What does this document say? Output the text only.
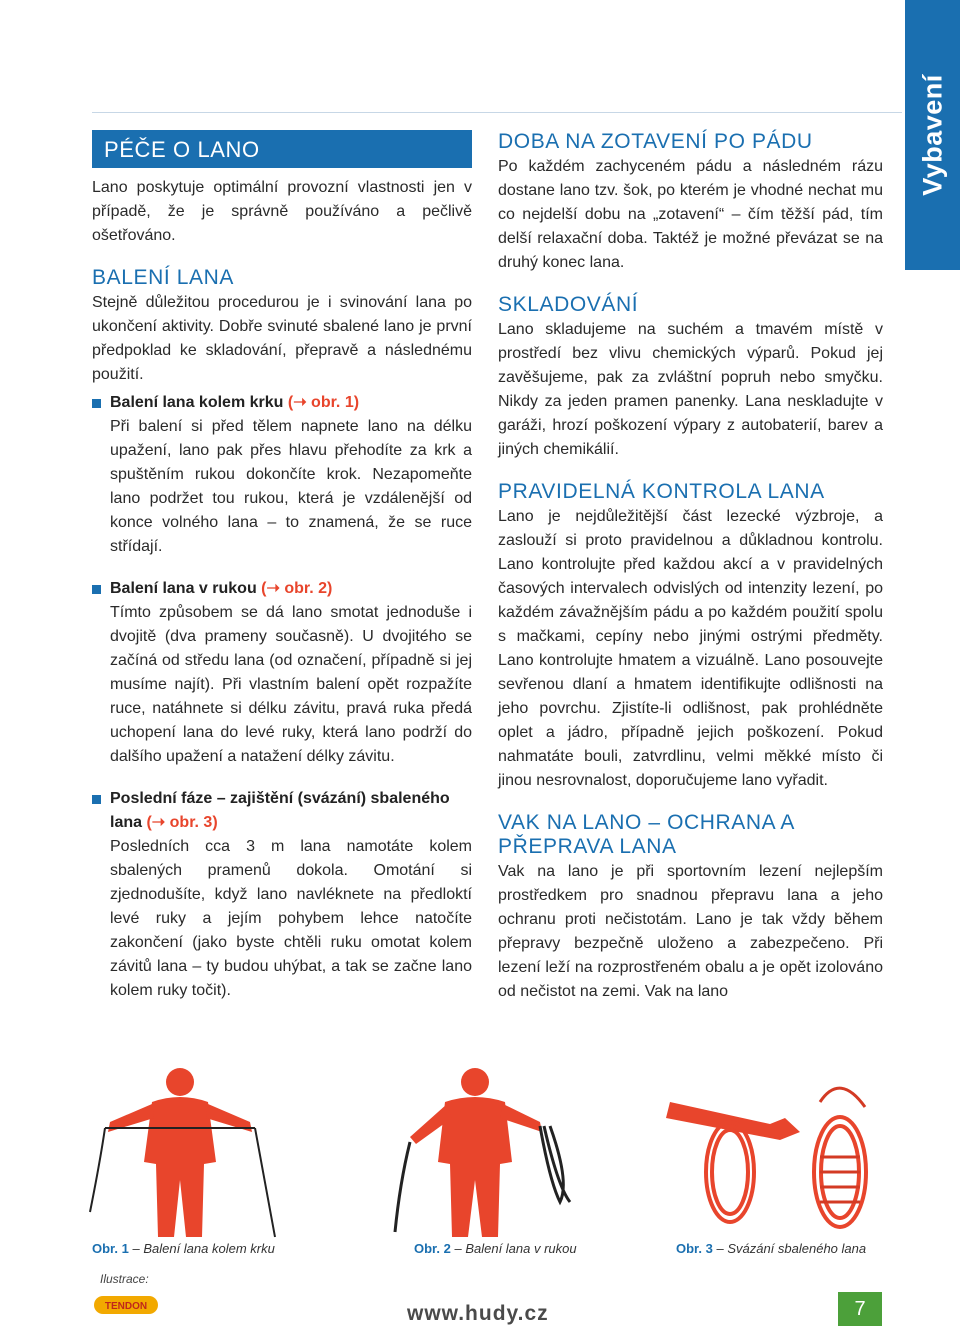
Vybavení
PÉČE O LANO

Lano poskytuje optimální provozní vlastnosti jen v případě, že je správně používáno a pečlivě ošetřováno.

BALENÍ LANA

Stejně důležitou procedurou je i svinování lana po ukončení aktivity. Dobře svinuté sbalené lano je první předpoklad ke skladování, přepravě a následnému použití.

Balení lana kolem krku (➝ obr. 1)

Při balení si před tělem napnete lano na délku upažení, lano pak přes hlavu přehodíte za krk a spuštěním rukou dokončíte krok. Nezapomeňte lano podržet tou rukou, která je vzdálenější od konce volného lana – to znamená, že se ruce střídají.

Balení lana v rukou (➝ obr. 2)

Tímto způsobem se dá lano smotat jednoduše i dvojitě (dva prameny současně). U dvojitého se začíná od středu lana (od označení, případně si jej musíme najít). Při vlastním balení opět rozpažíte ruce, natáhnete si délku závitu, pravá ruka předá uchopení lana do levé ruky, která lano podrží do dalšího upažení a natažení délky závitu.

Poslední fáze – zajištění (svázání) sbaleného lana (➝ obr. 3)

Posledních cca 3 m lana namotáte kolem sbalených pramenů dokola. Omotání si zjednodušíte, když lano navléknete na předloktí levé ruky a jejím pohybem lehce natočíte zakončení (jako byste chtěli ruku omotat kolem závitů lana – ty budou uhýbat, a tak se začne lano kolem ruky točit).

DOBA NA ZOTAVENÍ PO PÁDU

Po každém zachyceném pádu a následném rázu dostane lano tzv. šok, po kterém je vhodné nechat mu co nejdelší dobu na „zotavení“ – čím těžší pád, tím delší relaxační doba. Taktéž je možné převázat se na druhý konec lana.

SKLADOVÁNÍ

Lano skladujeme na suchém a tmavém místě v prostředí bez vlivu chemických výparů. Pokud jej zavěšujeme, pak za zvláštní popruh nebo smyčku. Nikdy za jeden pramen panenky. Lana neskladujte v garáži, hrozí poškození výpary z autobaterií, barev a jiných chemikálií.

PRAVIDELNÁ KONTROLA LANA

Lano je nejdůležitější část lezecké výzbroje, a zaslouží si proto pravidelnou a důkladnou kontrolu. Lano kontrolujte před každou akcí a v pravidelných časových intervalech odvislých od intenzity lezení, po každém závažnějším pádu a po každém použití spolu s mačkami, cepíny nebo jinými ostrými předměty. Lano kontrolujte hmatem a vizuálně. Lano posouvejte sevřenou dlaní a hmatem identifikujte odlišnosti na jeho povrchu. Zjistíte-li odlišnost, pak prohlédněte oplet a jádro, případně jejich poškození. Pokud nahmatáte bouli, zatvrdlinu, velmi měkké místo či jinou nesrovnalost, doporučujeme lano vyřadit.

VAK NA LANO – OCHRANA A PŘEPRAVA LANA

Vak na lano je při sportovním lezení nejlepším prostředkem pro snadnou přepravu lana a jeho ochranu proti nečistotám. Lano je tak vždy během přepravy bezpečně uloženo a zabezpečeno. Při lezení leží na rozprostřeném obalu a je opět izolováno od nečistot na zemi. Vak na lano

Obr. 1 – Balení lana kolem krku	Obr. 2 – Balení lana v rukou	Obr. 3 – Svázání sbaleného lana
Ilustrace:
TENDON	www.hudy.cz	7
